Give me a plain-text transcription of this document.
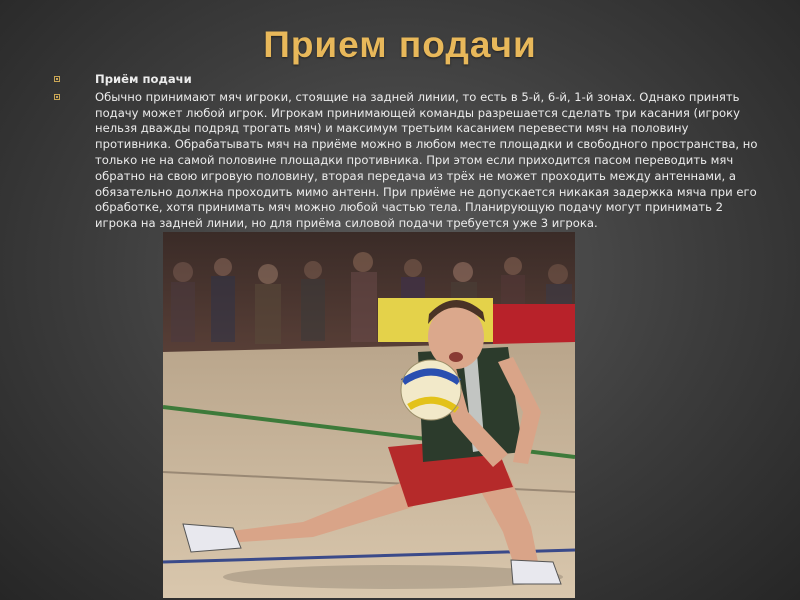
Прием подачи
Приём подачи
Обычно принимают мяч игроки, стоящие на задней линии, то есть в 5-й, 6-й, 1-й зонах. Однако принять подачу может любой игрок. Игрокам принимающей команды разрешается сделать три касания (игроку нельзя дважды подряд трогать мяч) и максимум третьим касанием перевести мяч на половину противника. Обрабатывать мяч на приёме можно в любом месте площадки и свободного пространства, но только не на самой половине площадки противника. При этом если приходится пасом переводить мяч обратно на свою игровую половину, вторая передача из трёх не может проходить между антеннами, а обязательно должна проходить мимо антенн. При приёме не допускается никакая задержка мяча при его обработке, хотя принимать мяч можно любой частью тела. Планирующую подачу могут принимать 2 игрока на задней линии, но для приёма силовой подачи требуется уже 3 игрока.
